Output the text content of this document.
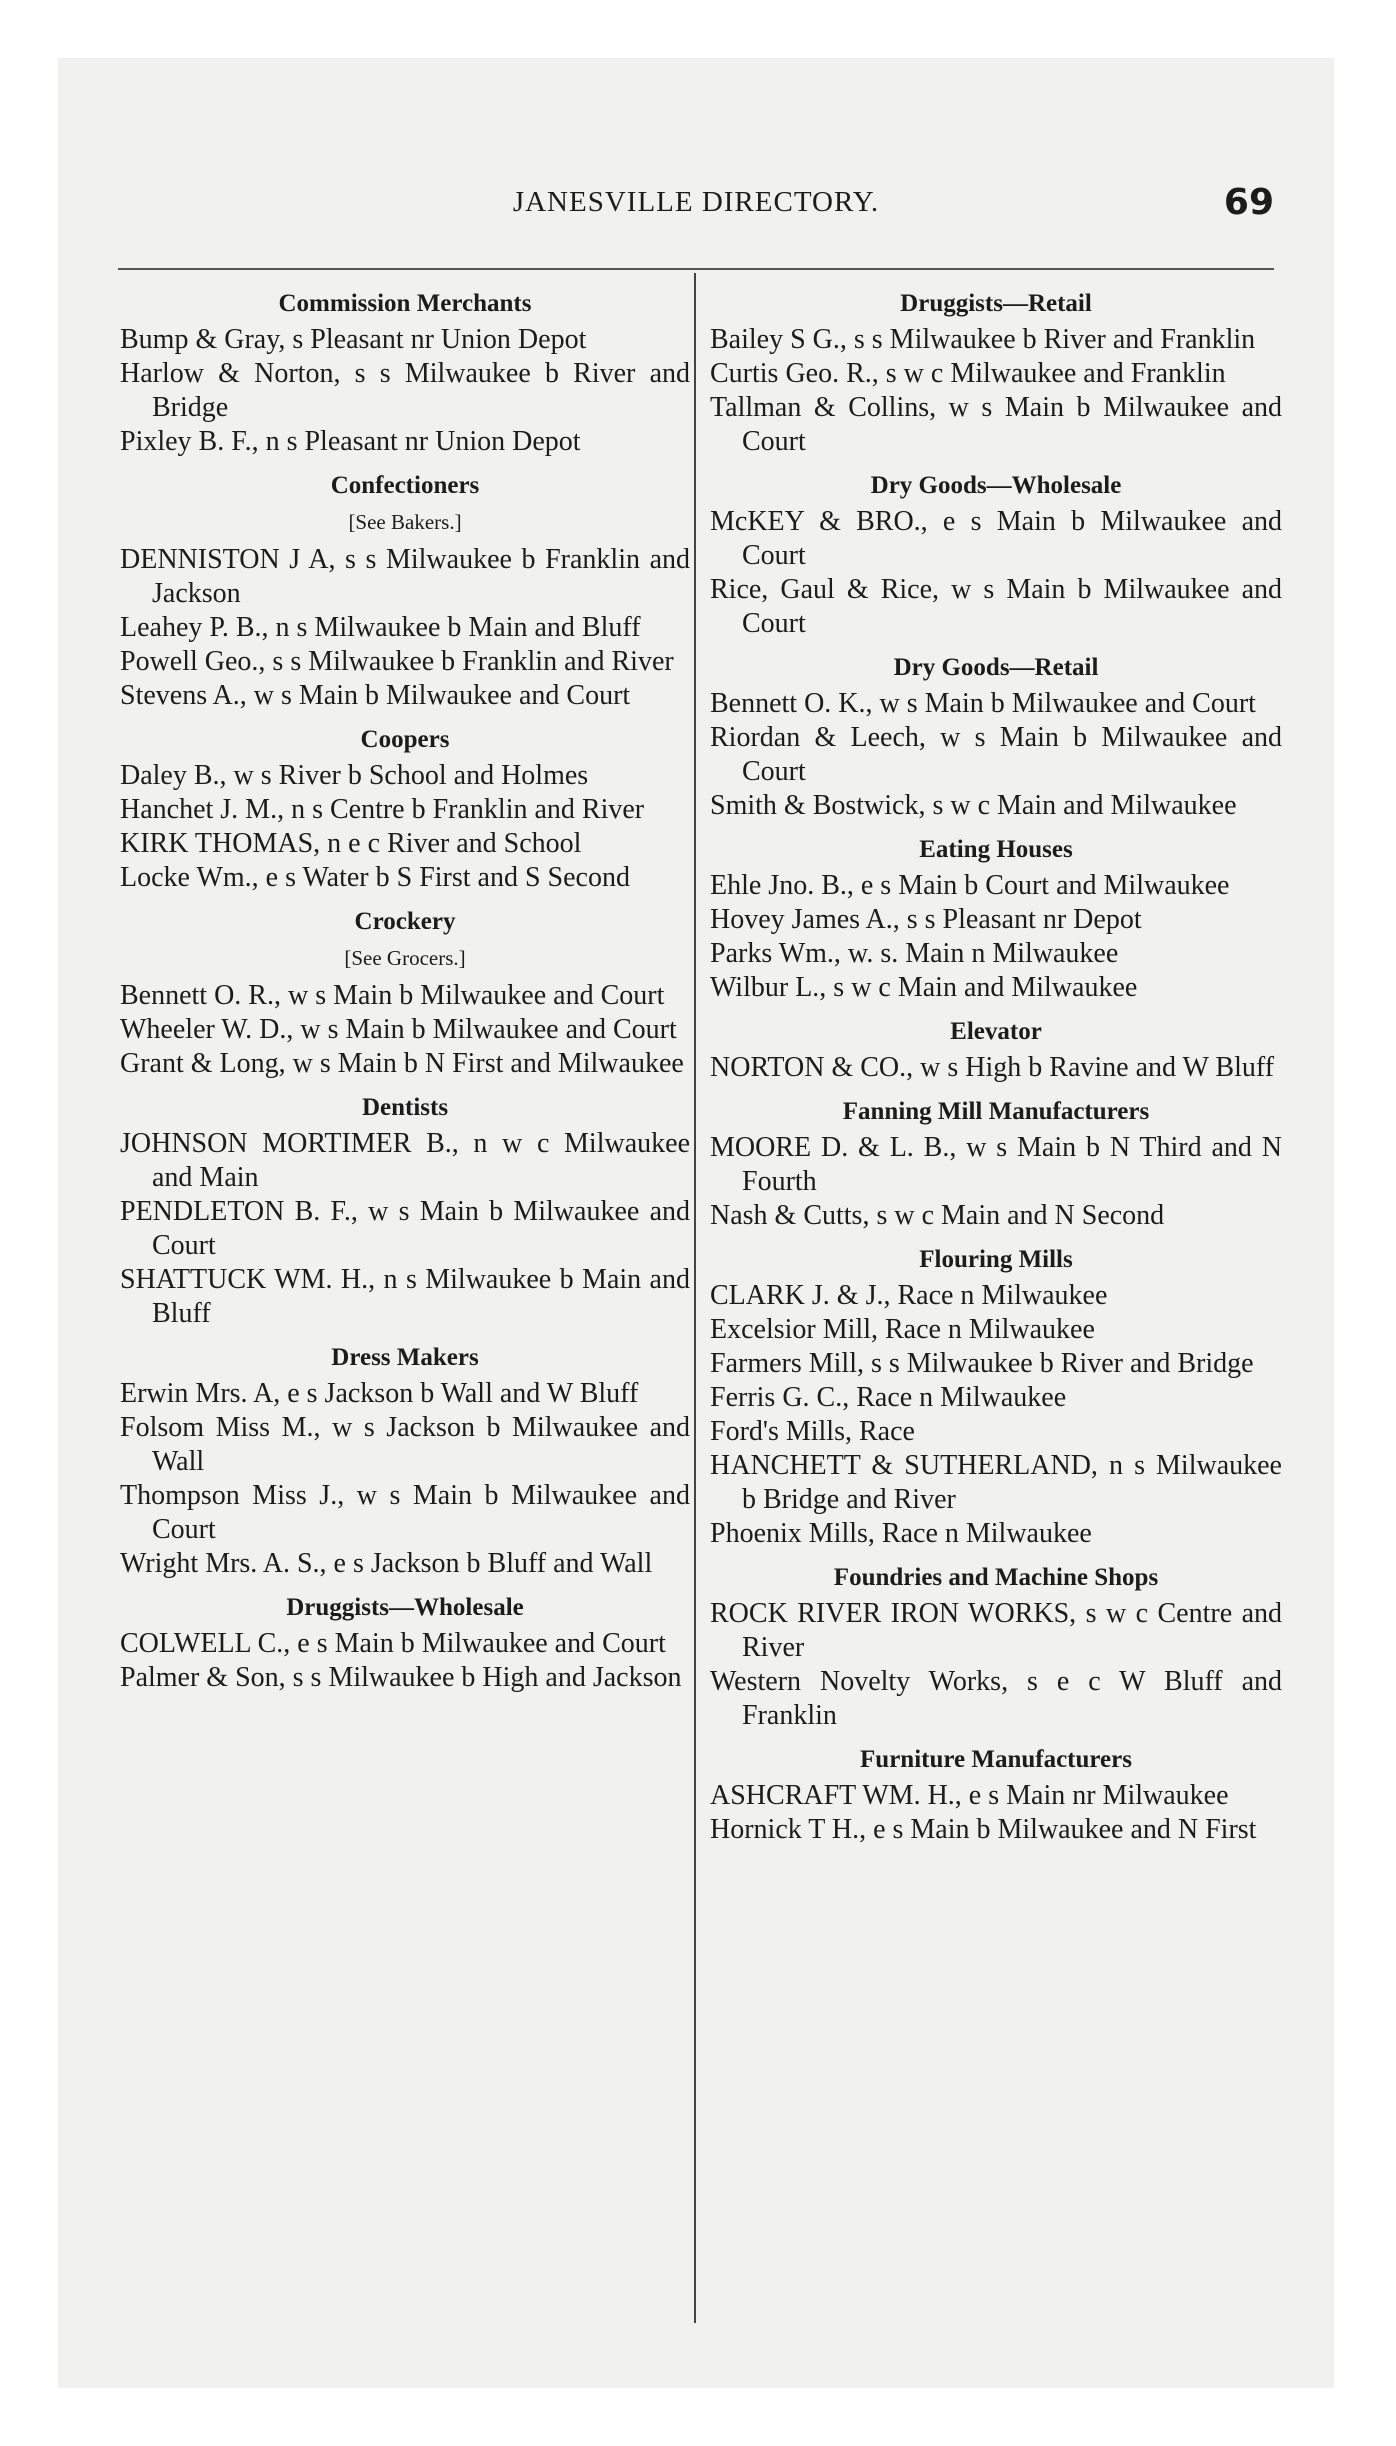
JANESVILLE DIRECTORY.	69
Commission Merchants
Bump & Gray, s Pleasant nr Union Depot
Harlow & Norton, s s Milwaukee b River and Bridge
Pixley B. F., n s Pleasant nr Union Depot
Confectioners
[See Bakers.]
DENNISTON J A, s s Milwaukee b Franklin and Jackson
Leahey P. B., n s Milwaukee b Main and Bluff
Powell Geo., s s Milwaukee b Franklin and River
Stevens A., w s Main b Milwaukee and Court
Coopers
Daley B., w s River b School and Holmes
Hanchet J. M., n s Centre b Franklin and River
KIRK THOMAS, n e c River and School
Locke Wm., e s Water b S First and S Second
Crockery
[See Grocers.]
Bennett O. R., w s Main b Milwaukee and Court
Wheeler W. D., w s Main b Milwaukee and Court
Grant & Long, w s Main b N First and Milwaukee
Dentists
JOHNSON MORTIMER B., n w c Milwaukee and Main
PENDLETON B. F., w s Main b Milwaukee and Court
SHATTUCK WM. H., n s Milwaukee b Main and Bluff
Dress Makers
Erwin Mrs. A, e s Jackson b Wall and W Bluff
Folsom Miss M., w s Jackson b Milwaukee and Wall
Thompson Miss J., w s Main b Milwaukee and Court
Wright Mrs. A. S., e s Jackson b Bluff and Wall
Druggists—Wholesale
COLWELL C., e s Main b Milwaukee and Court
Palmer & Son, s s Milwaukee b High and Jackson
Druggists—Retail
Bailey S G., s s Milwaukee b River and Franklin
Curtis Geo. R., s w c Milwaukee and Franklin
Tallman & Collins, w s Main b Milwaukee and Court
Dry Goods—Wholesale
McKEY & BRO., e s Main b Milwaukee and Court
Rice, Gaul & Rice, w s Main b Milwaukee and Court
Dry Goods—Retail
Bennett O. K., w s Main b Milwaukee and Court
Riordan & Leech, w s Main b Milwaukee and Court
Smith & Bostwick, s w c Main and Milwaukee
Eating Houses
Ehle Jno. B., e s Main b Court and Milwaukee
Hovey James A., s s Pleasant nr Depot
Parks Wm., w. s. Main n Milwaukee
Wilbur L., s w c Main and Milwaukee
Elevator
NORTON & CO., w s High b Ravine and W Bluff
Fanning Mill Manufacturers
MOORE D. & L. B., w s Main b N Third and N Fourth
Nash & Cutts, s w c Main and N Second
Flouring Mills
CLARK J. & J., Race n Milwaukee
Excelsior Mill, Race n Milwaukee
Farmers Mill, s s Milwaukee b River and Bridge
Ferris G. C., Race n Milwaukee
Ford's Mills, Race
HANCHETT & SUTHERLAND, n s Milwaukee b Bridge and River
Phoenix Mills, Race n Milwaukee
Foundries and Machine Shops
ROCK RIVER IRON WORKS, s w c Centre and River
Western Novelty Works, s e c W Bluff and Franklin
Furniture Manufacturers
ASHCRAFT WM. H., e s Main nr Milwaukee
Hornick T H., e s Main b Milwaukee and N First
